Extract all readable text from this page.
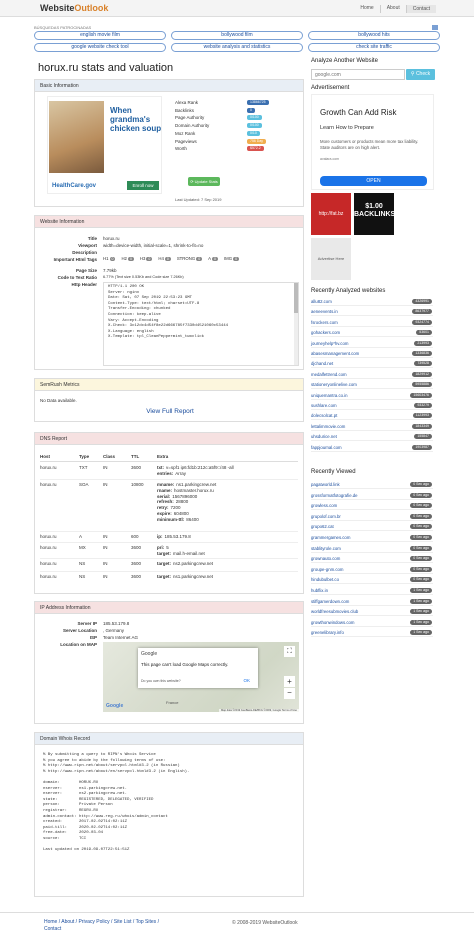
WebsiteOutlook	Home	About	Contact
BÚSQUEDAS PATROCINADAS
english movie film	bollywood film	bollywood hits
google website check tool	website analysis and statistics	check site traffic
horux.ru stats and valuation
Basic Information
When grandma's chicken soup
HealthCare.gov	Enroll now
Alexa Rank	13866725
Backlinks	0
Page Authority	0/100
Domain Authority	0/100
Moz Rank	0/10
Pageviews	756 Day
Worth	$572.2
⟳ Update Stats
Last Updated: 7 Sep 2019
Website Information
Title horux.ru
Viewport width=device-width, initial-scale=1, shrink-to-fit=no
Description
Important Html Tags H1 0	H2 0	H3 0	H4 0	STRONG 0	A 0	IMG 0
Page Size 7.79kb
Code to Text Ratio 6.77% (Text size 0.53Kb and Code size 7.26Kb)
Http Header	HTTP/1.1 200 OK
Server: nginx
Date: Sat, 07 Sep 2019 22:53:23 GMT
Content-Type: text/html; charset=UTF-8
Transfer-Encoding: chunked
Connection: keep-alive
Vary: Accept-Encoding
X-Check: 3c12dc4d54f8e22d666785f7330d4521060c53444
X-Language: english
X-Template: tpl_CleanPeppermint_twoclick
SemRush Metrics
No Data available.
View Full Report
DNS Report
Host	Type	Class	TTL	Extra
horux.ru	TXT	IN	3600	txt: v=spf1 ip6:fd1b:212c:a5f9::/48 -all
entries: Array
horux.ru	SOA	IN	10800	mname: ns1.parkingcrew.net
rname: hostmaster.horux.ru
serial: 1567896000
refresh: 28800
retry: 7200
expire: 604800
minimum-ttl: 86400
horux.ru	A	IN	600	ip: 185.53.179.8
horux.ru	MX	IN	3600	pri: 5
target: mail.h-email.net
horux.ru	NS	IN	3600	target: ns2.parkingcrew.net
horux.ru	NS	IN	3600	target: ns1.parkingcrew.net
IP Address Information
Server IP 185.53.179.8
Server Location , Germany
ISP Team Internet AG
Location on MAP
France
Google
This page can't load Google Maps correctly.
Do you own this website?	OK
⛶
+
−
Google
Map data ©2019 GeoBasis-DE/BKG ©2009, Google Terms of Use
Domain Whois Record
% By submitting a query to RIPN's Whois Service
% you agree to abide by the following terms of use:
% http://www.ripn.net/about/servpol.html#3.2 (in Russian)
% http://www.ripn.net/about/en/servpol.html#3.2 (in English).
domain:        HORUX.RU
nserver:       ns1.parkingcrew.net.
nserver:       ns2.parkingcrew.net.
state:         REGISTERED, DELEGATED, VERIFIED
person:        Private Person
registrar:     REGRU-RU
admin-contact: http://www.reg.ru/whois/admin_contact
created:       2017-02-02T14:02:11Z
paid-till:     2020-02-02T14:02:11Z
free-date:     2020-03-04
source:        TCI
Last updated on 2019-09-07T22:51:51Z
Analyze Another Website
google.com
⚲ Check
Advertisement
Growth Can Add Risk
Learn How to Prepare
More customers or products mean more tax liability. State auditors are on high alert.
avalara.com
OPEN
http://fat.bz
$1.00 BACKLINKS
Advertise Here
Recently Analyzed websites
allu82.com	4326991
aeneevents.in	8637977
fsrockers.com	9324774
gohackers.com	53601
journeyhelp*hv.com	213993
abasesmanagement.com	1336836
djchand.net	739528
medalfettrend.com	1829912
stationeryonlinelive.com	5955886
uniquemantra.co.in	15603476
sushlare.com	933279
dolecsolcat.pt	1123993
lettalimmovie.com	1843349
uhsdurice.net	155847
fappjournal.com	1903987
Recently Viewed
pagatworld.link	0 Sec ago
grossformatfotografie.de	0 Sec ago
growless.com	0 Sec ago
grupolof.com.br	0 Sec ago
grupo62.cat	0 Sec ago
grammergames.com	0 Sec ago
stablityrole.com	0 Sec ago
grownauto.com	0 Sec ago
groupe-gnm.com	0 Sec ago
hindubulbet.co	0 Sec ago
hubflix.in	1 Sec ago
stiffgamerdown.com	1 Sec ago
worldfreesubmovies.club	1 Sec ago
growthonwindows.com	1 Sec ago
greenelibrary.info	1 Sec ago
Home / About / Privacy Policy / Site List / Top Sites / Contact
© 2008-2019 WebsiteOutlook
